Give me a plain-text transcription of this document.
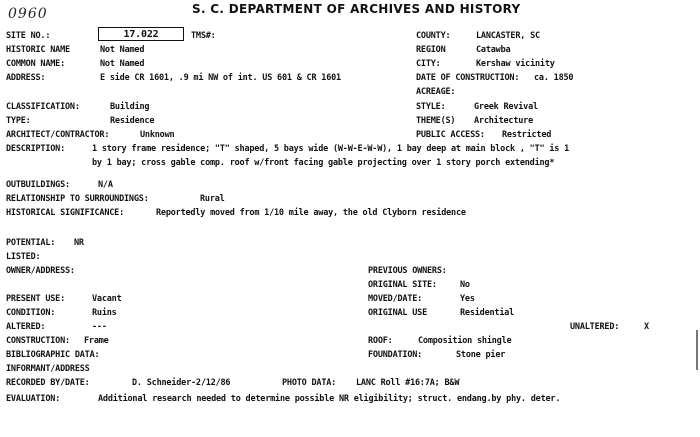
0960	S. C. DEPARTMENT OF ARCHIVES AND HISTORY
SITE NO.:	17.022	TMS#:	COUNTY:	LANCASTER, SC
HISTORIC NAME	Not Named	REGION	Catawba
COMMON NAME:	Not Named	CITY:	Kershaw vicinity
ADDRESS:	E side CR 1601, .9 mi NW of int. US 601 & CR 1601	DATE OF CONSTRUCTION: ca. 1850
ACREAGE:
CLASSIFICATION:	Building	STYLE:	Greek Revival
TYPE:	Residence	THEME(S) Architecture
ARCHITECT/CONTRACTOR:	Unknown	PUBLIC ACCESS: Restricted
DESCRIPTION:	1 story frame residence; "T" shaped, 5 bays wide (W-W-E-W-W), 1 bay deep at main block , "T" is 1
by 1 bay; cross gable comp. roof w/front facing gable projecting over 1 story porch extending*
OUTBUILDINGS:	N/A
RELATIONSHIP TO SURROUNDINGS:	Rural
HISTORICAL SIGNIFICANCE:	Reportedly moved from 1/10 mile away, the old Clyborn residence
POTENTIAL: NR
LISTED:
OWNER/ADDRESS:	PREVIOUS OWNERS:
ORIGINAL SITE:	No
PRESENT USE:	Vacant	MOVED/DATE:	Yes
CONDITION:	Ruins	ORIGINAL USE	Residential
ALTERED:	---	UNALTERED:	X
CONSTRUCTION: Frame	ROOF:	Composition shingle
BIBLIOGRAPHIC DATA:	FOUNDATION:	Stone pier
INFORMANT/ADDRESS
RECORDED BY/DATE:	D. Schneider-2/12/86	PHOTO DATA: LANC Roll #16:7A; B&W
EVALUATION:	Additional research needed to determine possible NR eligibility; struct. endang.by phy. deter.
